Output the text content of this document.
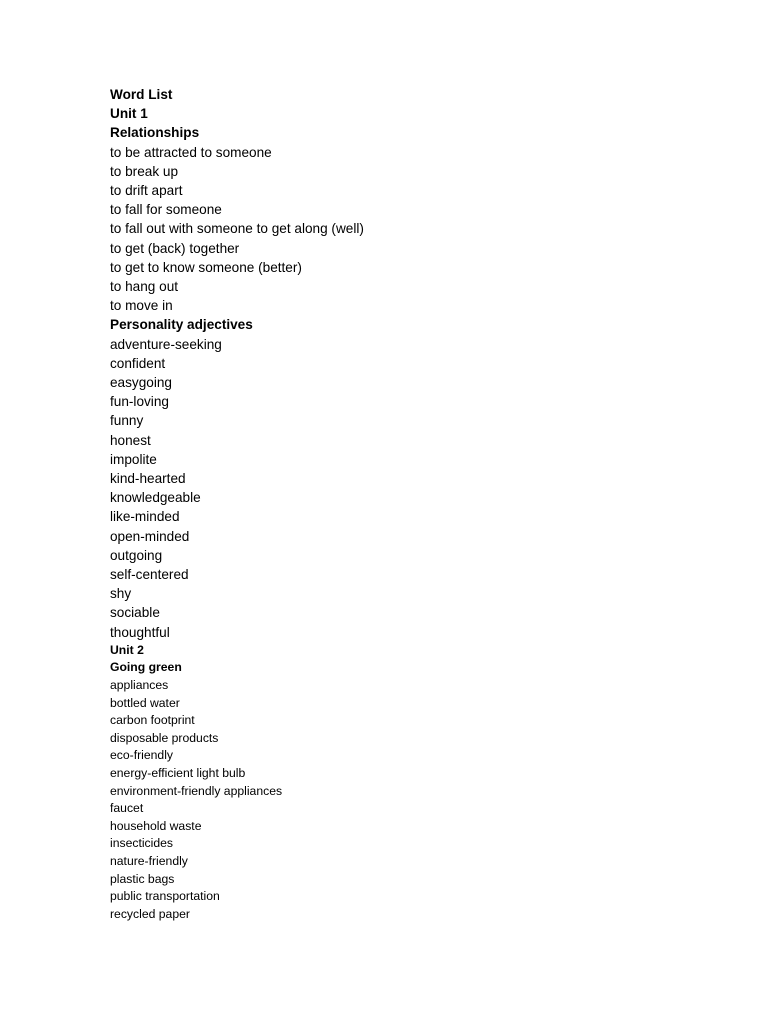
Word List
Unit 1
Relationships
to be attracted to someone
to break up
to drift apart
to fall for someone
to fall out with someone to get along (well)
to get (back) together
to get to know someone (better)
to hang out
to move in
Personality adjectives
adventure-seeking
confident
easygoing
fun-loving
funny
honest
impolite
kind-hearted
knowledgeable
like-minded
open-minded
outgoing
self-centered
shy
sociable
thoughtful
Unit 2
Going green
appliances
bottled water
carbon footprint
disposable products
eco-friendly
energy-efficient light bulb
environment-friendly appliances
faucet
household waste
insecticides
nature-friendly
plastic bags
public transportation
recycled paper
